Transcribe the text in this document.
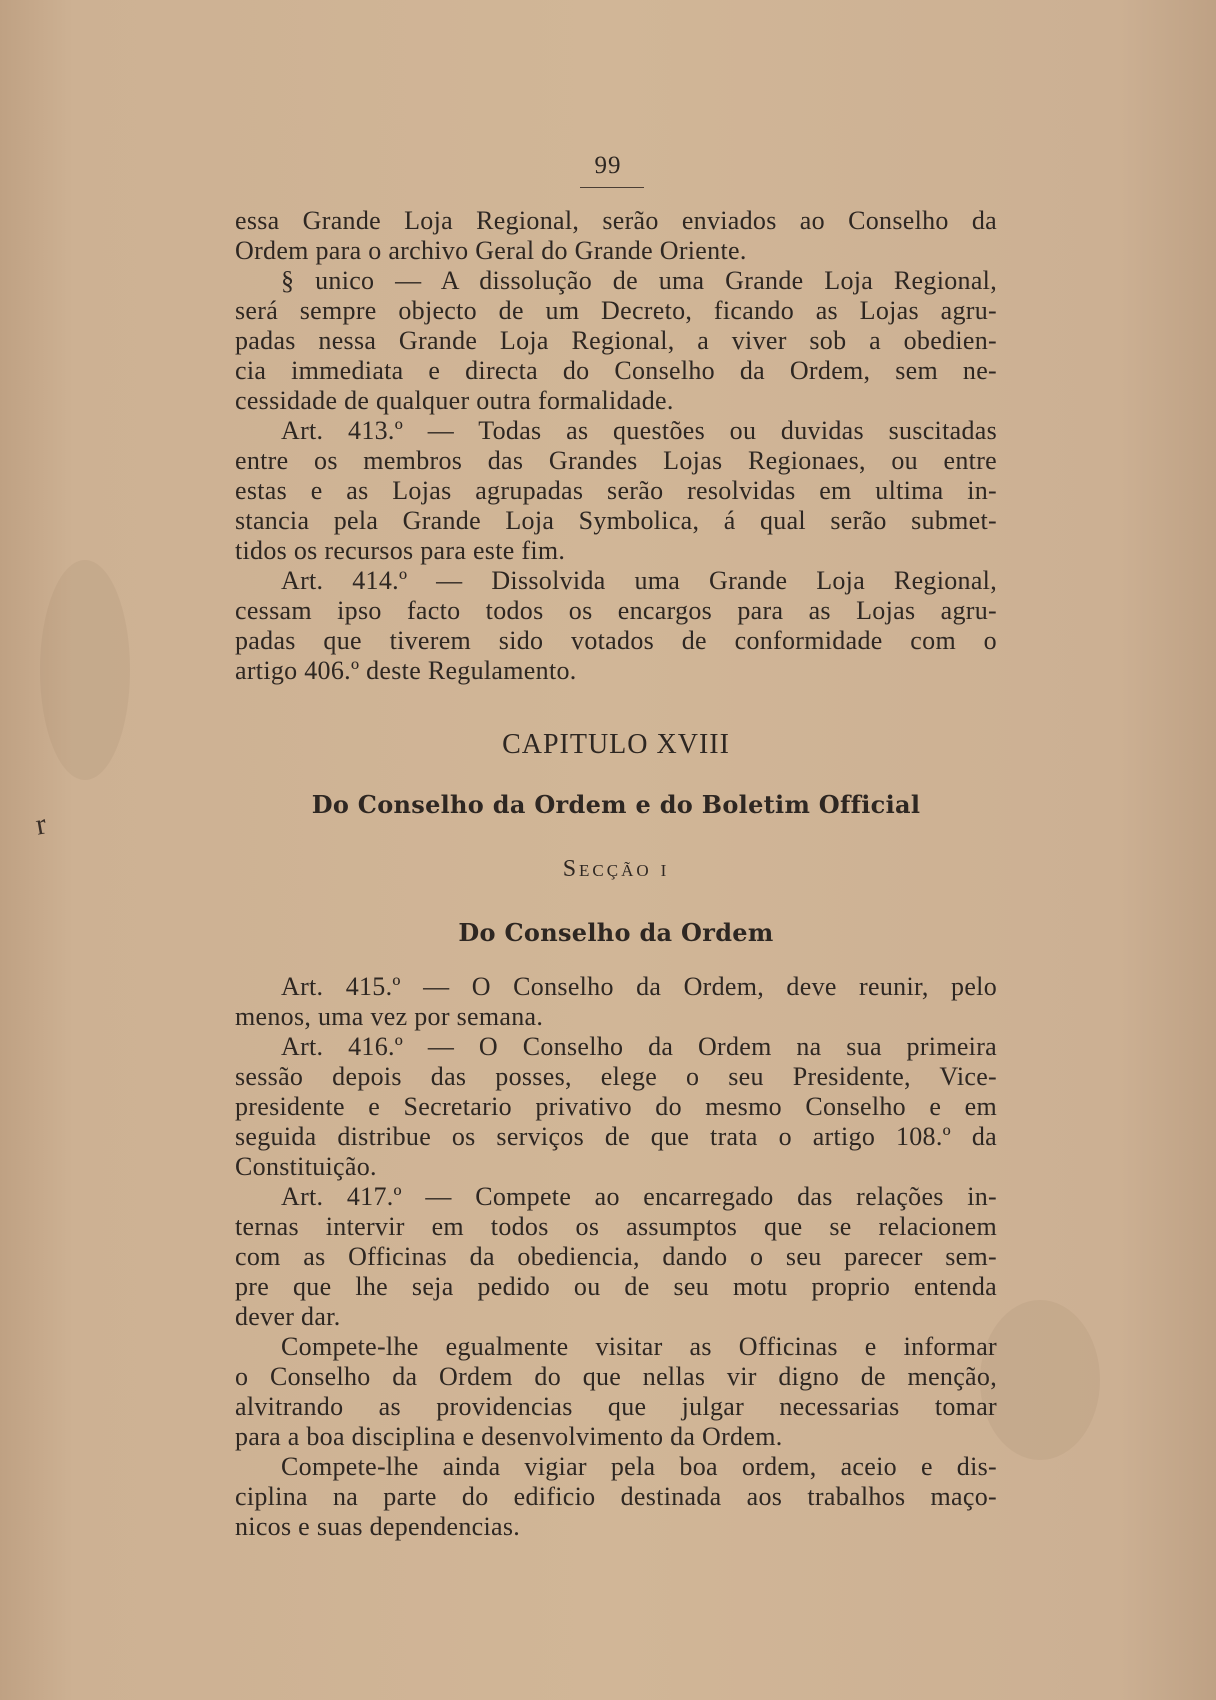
99
r
essa Grande Loja Regional, serão enviados ao Conselho da
Ordem para o archivo Geral do Grande Oriente.
§ unico — A dissolução de uma Grande Loja Regional,
será sempre objecto de um Decreto, ficando as Lojas agru-
padas nessa Grande Loja Regional, a viver sob a obedien-
cia immediata e directa do Conselho da Ordem, sem ne-
cessidade de qualquer outra formalidade.
Art. 413.º — Todas as questões ou duvidas suscitadas
entre os membros das Grandes Lojas Regionaes, ou entre
estas e as Lojas agrupadas serão resolvidas em ultima in-
stancia pela Grande Loja Symbolica, á qual serão submet-
tidos os recursos para este fim.
Art. 414.º — Dissolvida uma Grande Loja Regional,
cessam ipso facto todos os encargos para as Lojas agru-
padas que tiverem sido votados de conformidade com o
artigo 406.º deste Regulamento.
CAPITULO XVIII
Do Conselho da Ordem e do Boletim Official
Secção i
Do Conselho da Ordem
Art. 415.º — O Conselho da Ordem, deve reunir, pelo
menos, uma vez por semana.
Art. 416.º — O Conselho da Ordem na sua primeira
sessão depois das posses, elege o seu Presidente, Vice-
presidente e Secretario privativo do mesmo Conselho e em
seguida distribue os serviços de que trata o artigo 108.º da
Constituição.
Art. 417.º — Compete ao encarregado das relações in-
ternas intervir em todos os assumptos que se relacionem
com as Officinas da obediencia, dando o seu parecer sem-
pre que lhe seja pedido ou de seu motu proprio entenda
dever dar.
Compete-lhe egualmente visitar as Officinas e informar
o Conselho da Ordem do que nellas vir digno de menção,
alvitrando as providencias que julgar necessarias tomar
para a boa disciplina e desenvolvimento da Ordem.
Compete-lhe ainda vigiar pela boa ordem, aceio e dis-
ciplina na parte do edificio destinada aos trabalhos maço-
nicos e suas dependencias.
